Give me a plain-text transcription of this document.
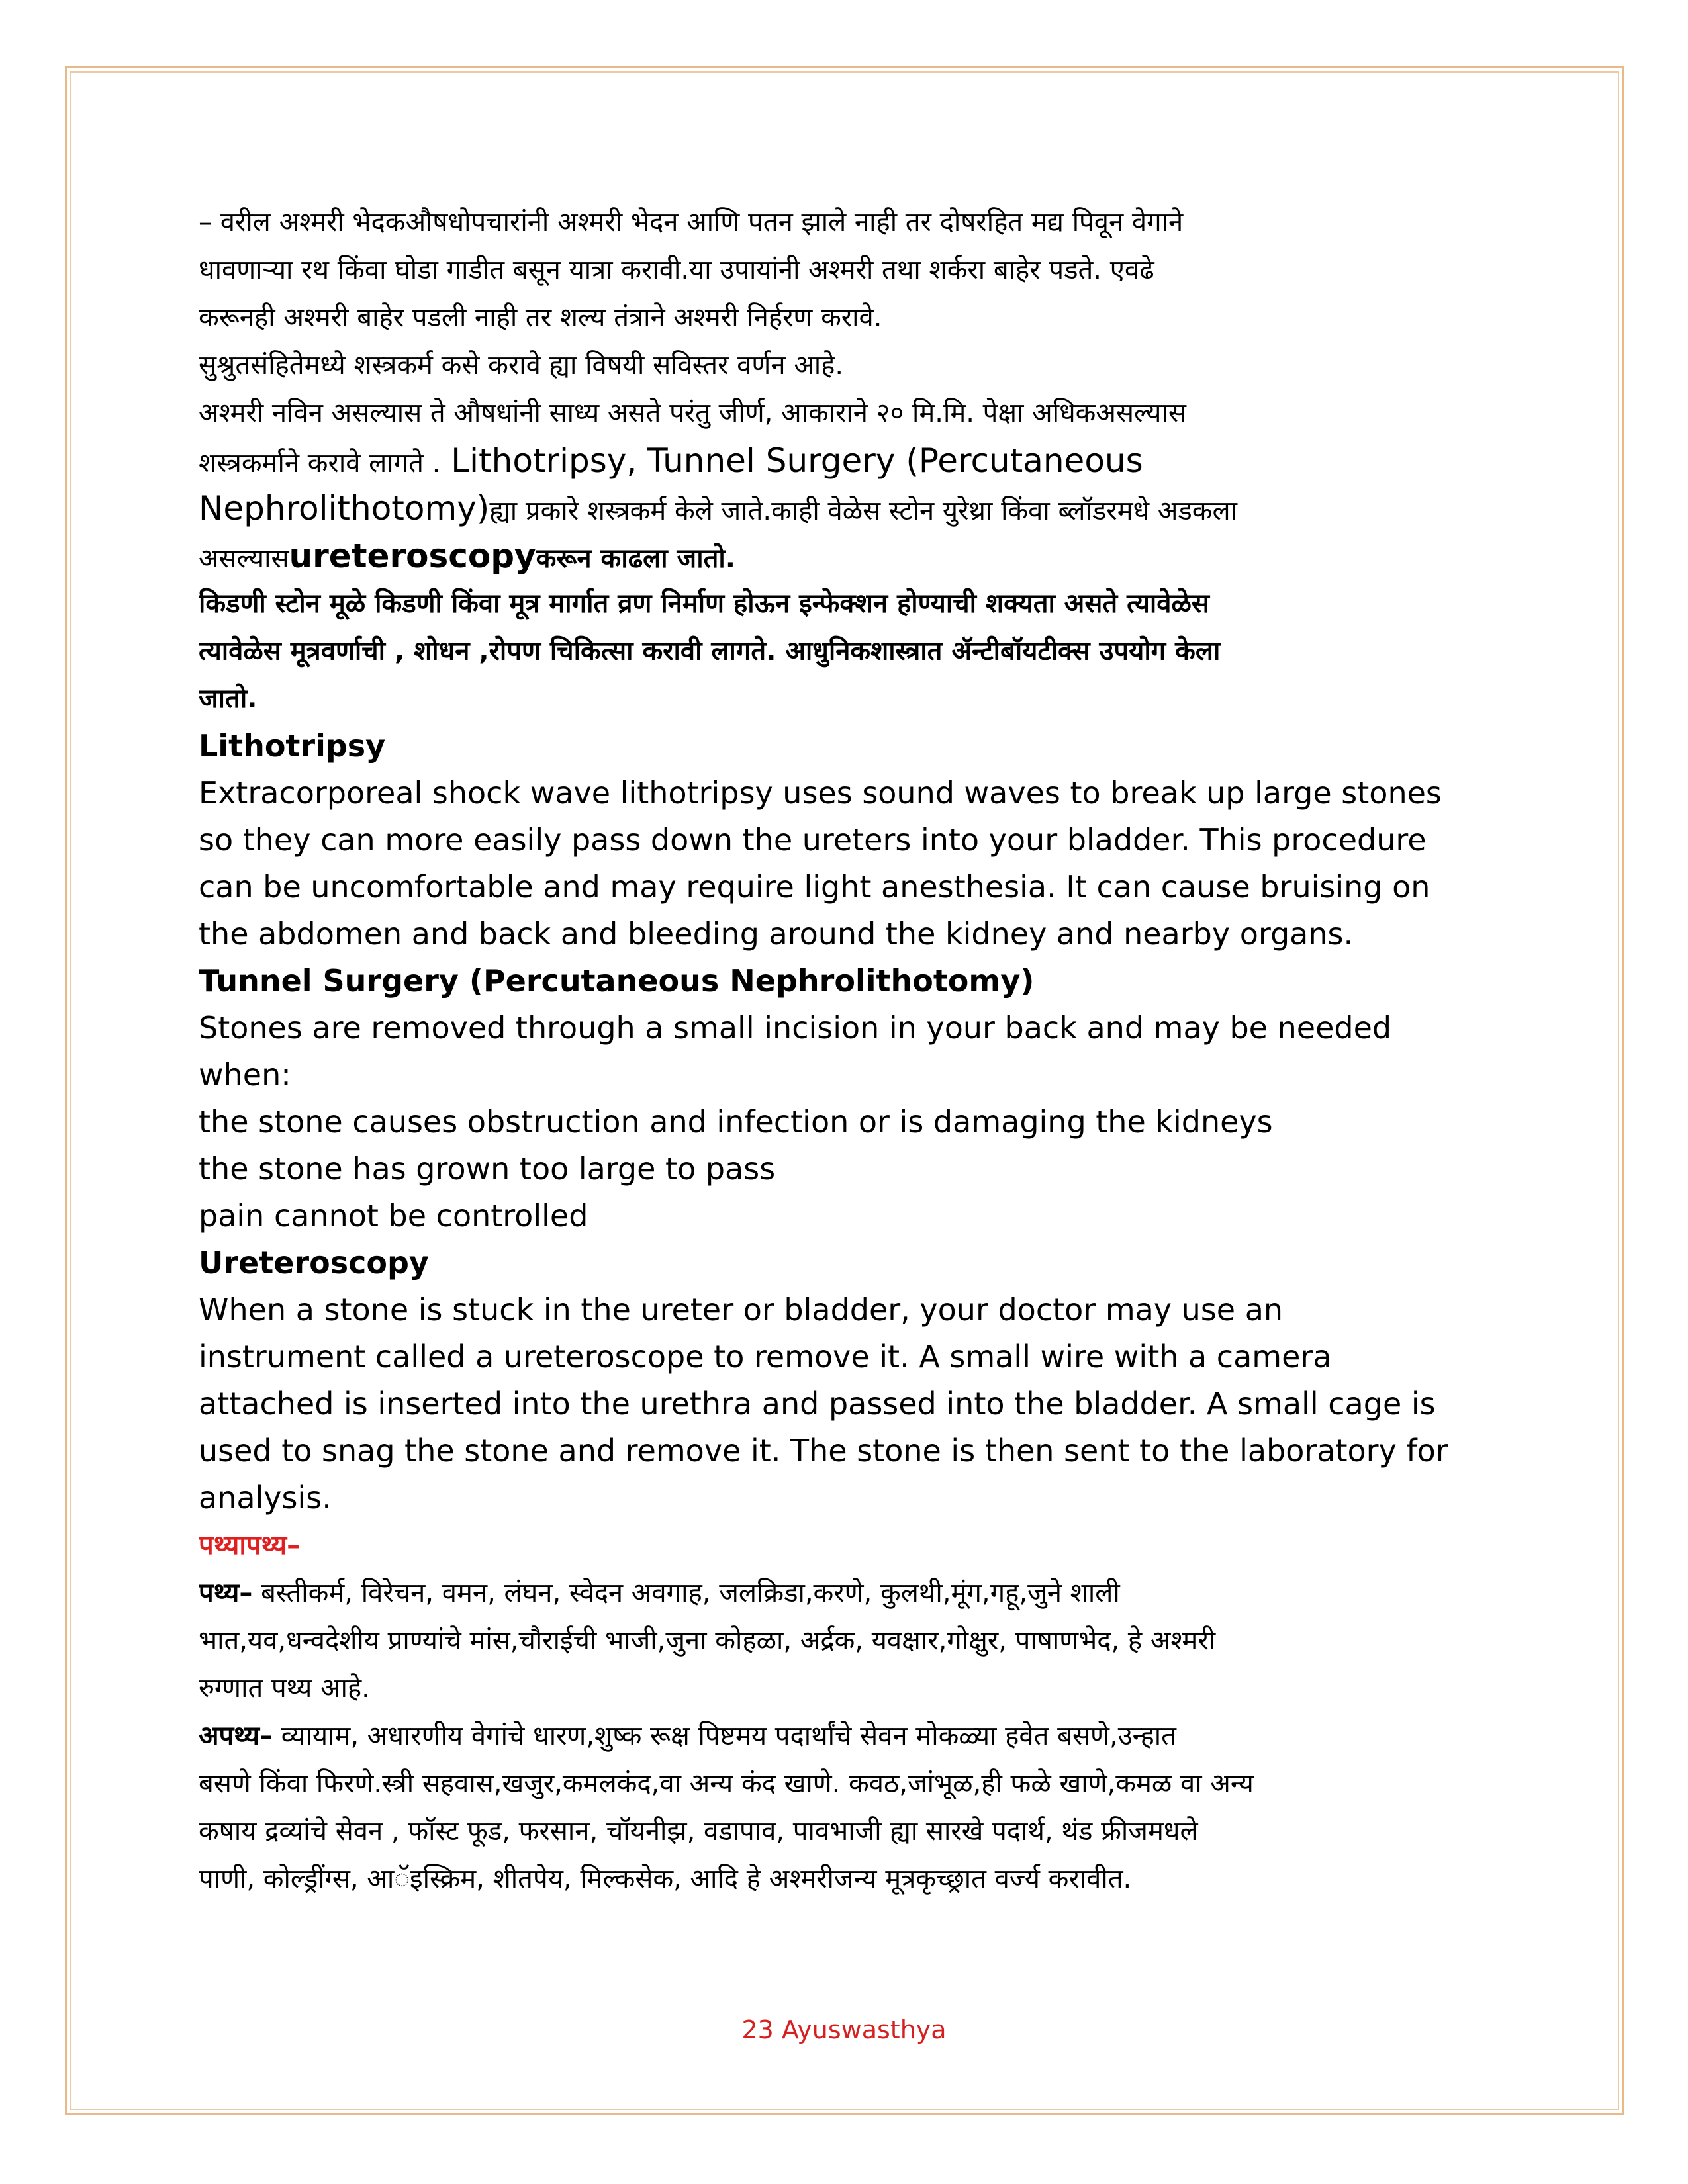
– वरील अश्मरी भेदकऔषधोपचारांनी अश्मरी भेदन आणि पतन झाले नाही तर दोषरहित मद्य पिवून वेगाने
धावणाऱ्या रथ किंवा घोडा गाडीत बसून यात्रा करावी.या उपायांनी अश्मरी तथा शर्करा बाहेर पडते. एवढे
करूनही अश्मरी बाहेर पडली नाही तर शल्य तंत्राने अश्मरी निर्हरण करावे.
सुश्रुतसंहितेमध्ये शस्त्रकर्म कसे करावे ह्या विषयी सविस्तर वर्णन आहे.
अश्मरी नविन असल्यास ते औषधांनी साध्य असते परंतु जीर्ण, आकाराने २० मि.मि. पेक्षा अधिकअसल्यास
शस्त्रकर्माने करावे लागते . Lithotripsy, Tunnel Surgery (Percutaneous
Nephrolithotomy)ह्या प्रकारे शस्त्रकर्म केले जाते.काही वेळेस स्टोन युरेथ्रा किंवा ब्लॉडरमधे अडकला
असल्यासureteroscopyकरून काढला जातो.
किडणी स्टोन मूळे किडणी किंवा मूत्र मार्गात व्रण निर्माण होऊन इन्फेक्शन होण्याची शक्यता असते त्यावेळेस
त्यावेळेस मूत्रवर्णाची , शोधन ,रोपण चिकित्सा करावी लागते. आधुनिकशास्त्रात ॲन्टीबॉयटीक्स उपयोग केला
जातो.
Lithotripsy
Extracorporeal shock wave lithotripsy uses sound waves to break up large stones
so they can more easily pass down the ureters into your bladder. This procedure
can be uncomfortable and may require light anesthesia. It can cause bruising on
the abdomen and back and bleeding around the kidney and nearby organs.
Tunnel Surgery (Percutaneous Nephrolithotomy)
Stones are removed through a small incision in your back and may be needed
when:
the stone causes obstruction and infection or is damaging the kidneys
the stone has grown too large to pass
pain cannot be controlled
Ureteroscopy
When a stone is stuck in the ureter or bladder, your doctor may use an
instrument called a ureteroscope to remove it. A small wire with a camera
attached is inserted into the urethra and passed into the bladder. A small cage is
used to snag the stone and remove it. The stone is then sent to the laboratory for
analysis.
पथ्यापथ्य–
पथ्य– बस्तीकर्म, विरेचन, वमन, लंघन, स्वेदन अवगाह, जलक्रिडा,करणे, कुलथी,मूंग,गहू,जुने शाली
भात,यव,धन्वदेशीय प्राण्यांचे मांस,चौराईची भाजी,जुना कोहळा, अर्द्रक, यवक्षार,गोक्षुर, पाषाणभेद, हे अश्मरी
रुग्णात पथ्य आहे.
अपथ्य– व्यायाम, अधारणीय वेगांचे धारण,शुष्क रूक्ष पिष्टमय पदार्थांचे सेवन मोकळ्या हवेत बसणे,उन्हात
बसणे किंवा फिरणे.स्त्री सहवास,खजुर,कमलकंद,वा अन्य कंद खाणे. कवठ,जांभूळ,ही फळे खाणे,कमळ वा अन्य
कषाय द्रव्यांचे सेवन , फॉस्ट फूड, फरसान, चॉयनीझ, वडापाव, पावभाजी ह्या सारखे पदार्थ, थंड फ्रीजमधले
पाणी, कोल्ड्रींग्स, आॅइस्क्रिम, शीतपेय, मिल्कसेक, आदि हे अश्मरीजन्य मूत्रकृच्छ्रात वर्ज्य करावीत.
23 Ayuswasthya
